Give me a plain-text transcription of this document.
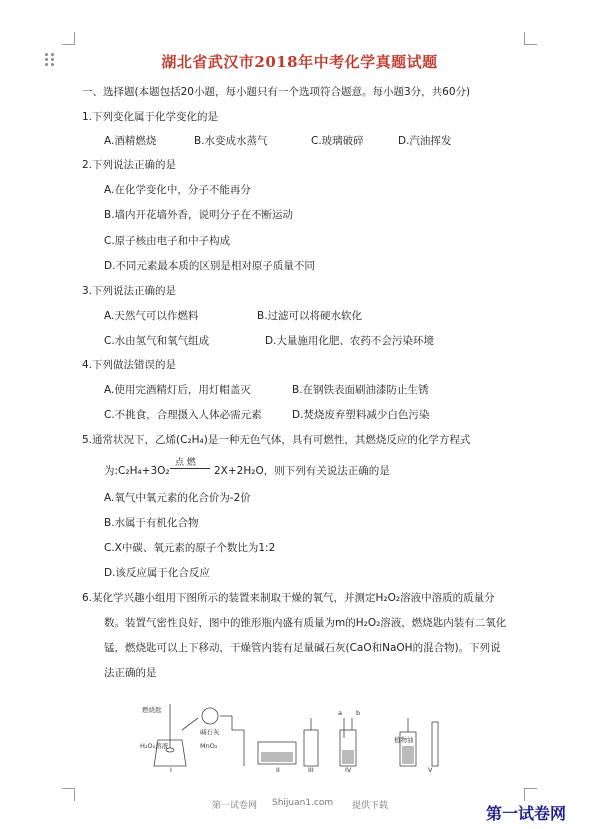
湖北省武汉市2018年中考化学真题试题
一、选择题(本题包括20小题，每小题只有一个选项符合题意。每小题3分，共60分)
1.下列变化属于化学变化的是
A.酒精燃烧	B.水变成水蒸气	C.玻璃破碎	D.汽油挥发
2.下列说法正确的是
A.在化学变化中，分子不能再分
B.墙内开花墙外香，说明分子在不断运动
C.原子核由电子和中子构成
D.不同元素最本质的区别是相对原子质量不同
3.下列说法正确的是
A.天然气可以作燃料	B.过滤可以将硬水软化
C.水由氢气和氧气组成	D.大量施用化肥、农药不会污染环境
4.下列做法错误的是
A.使用完酒精灯后，用灯帽盖灭	B.在钢铁表面刷油漆防止生锈
C.不挑食，合理摄入人体必需元素	D.焚烧废弃塑料减少白色污染
5.通常状况下，乙烯(C₂H₄)是一种无色气体，具有可燃性，其燃烧反应的化学方程式
为:C₂H₄+3O₂
点 燃
2X+2H₂O，则下列有关说法正确的是
A.氧气中氧元素的化合价为-2价
B.水属于有机化合物
C.X中碳、氧元素的原子个数比为1:2
D.该反应属于化合反应
6.某化学兴趣小组用下图所示的装置来制取干燥的氧气，并测定H₂O₂溶液中溶质的质量分
数。装置气密性良好，图中的锥形瓶内盛有质量为m的H₂O₂溶液，燃烧匙内装有二氧化
锰，燃烧匙可以上下移动，干燥管内装有足量碱石灰(CaO和NaOH的混合物)。下列说
法正确的是
燃烧匙
碱石灰
H₂O₂溶液	MnO₂
a b
植物油
I	II	III	IV	V
第一试卷网 Shijuan1.com 提供下载	第一试卷网
